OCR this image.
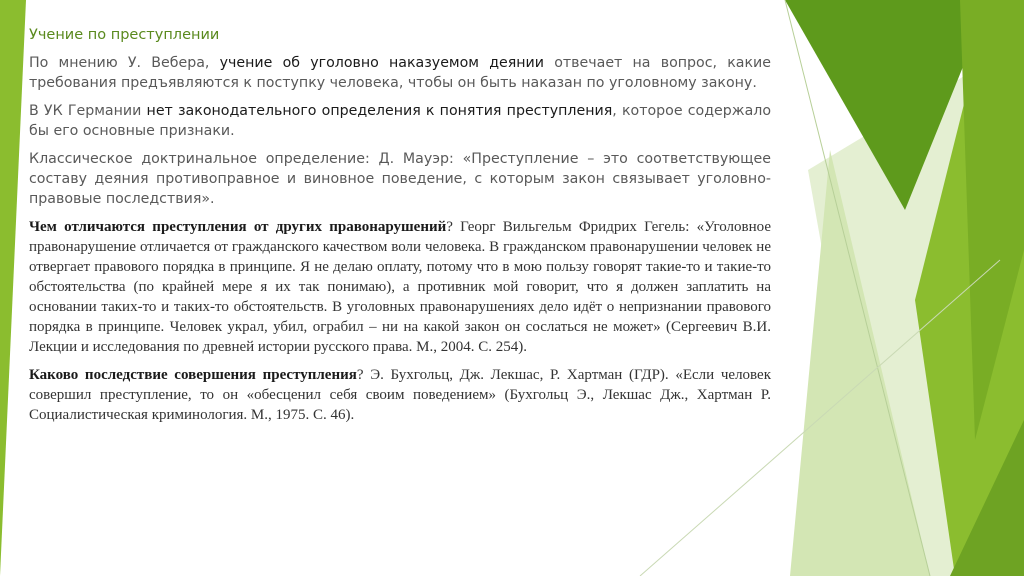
Учение по преступлении

По мнению У. Вебера, учение об уголовно наказуемом деянии отвечает на вопрос, какие требования предъявляются к поступку человека, чтобы он быть наказан по уголовному закону.

В УК Германии нет законодательного определения к понятия преступления, которое содержало бы его основные признаки.

Классическое доктринальное определение: Д. Мауэр: «Преступление – это соответствующее составу деяния противоправное и виновное поведение, с которым закон связывает уголовно-правовые последствия».

Чем отличаются преступления от других правонарушений? Георг Вильгельм Фридрих Гегель: «Уголовное правонарушение отличается от гражданского качеством воли человека. В гражданском правонарушении человек не отвергает правового порядка в принципе. Я не делаю оплату, потому что в мою пользу говорят такие-то и такие-то обстоятельства (по крайней мере я их так понимаю), а противник мой говорит, что я должен заплатить на основании таких-то и таких-то обстоятельств. В уголовных правонарушениях дело идёт о непризнании правового порядка в принципе. Человек украл, убил, ограбил – ни на какой закон он сослаться не может» (Сергеевич В.И. Лекции и исследования по древней истории русского права. М., 2004. С. 254).

Каково последствие совершения преступления? Э. Бухгольц, Дж. Лекшас, Р. Хартман (ГДР). «Если человек совершил преступление, то он «обесценил себя своим поведением» (Бухгольц Э., Лекшас Дж., Хартман Р. Социалистическая криминология. М., 1975. С. 46).
